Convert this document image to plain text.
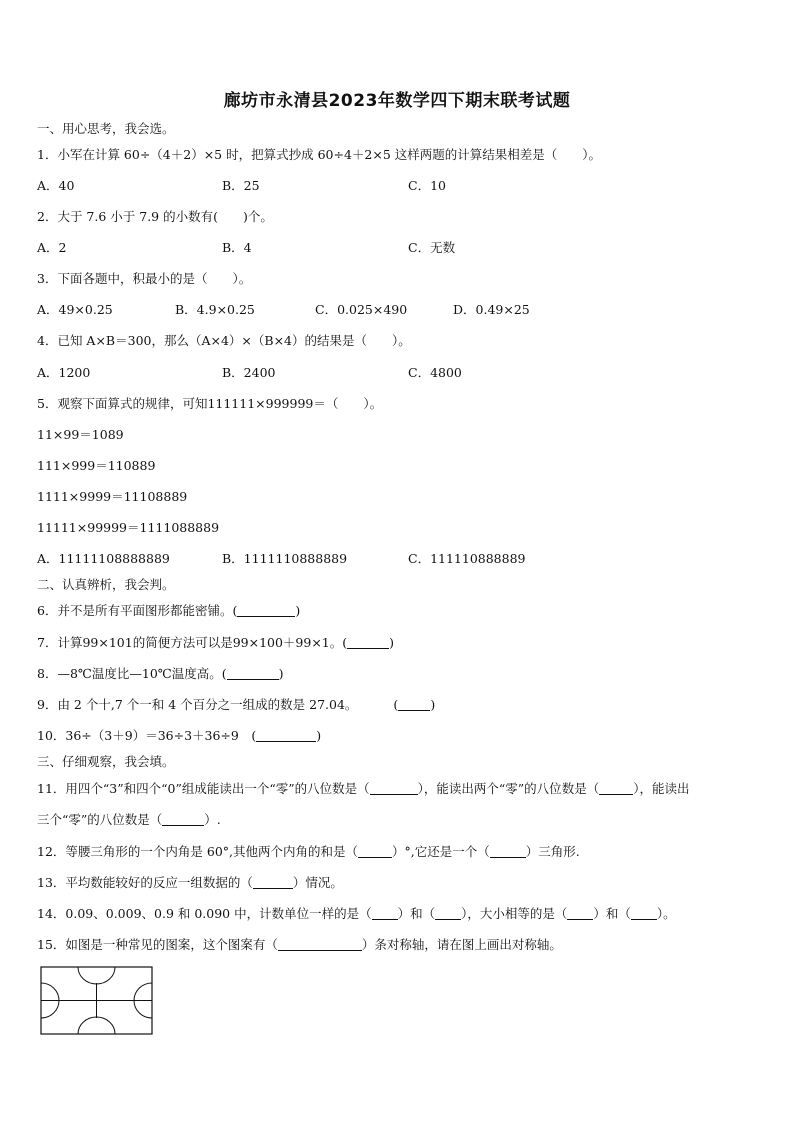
廊坊市永清县2023年数学四下期末联考试题
一、用心思考，我会选。
1．小军在计算 60÷（4＋2）×5 时，把算式抄成 60÷4＋2×5 这样两题的计算结果相差是（　　）。
A．40	B．25	C．10
2．大于 7.6 小于 7.9 的小数有(　　)个。
A．2	B．4	C．无数
3．下面各题中，积最小的是（　　）。
A．49×0.25	B．4.9×0.25	C．0.025×490	D．0.49×25
4．已知 A×B＝300，那么（A×4）×（B×4）的结果是（　　）。
A．1200	B．2400	C．4800
5．观察下面算式的规律，可知111111×999999＝（　　）。
11×99＝1089
111×999＝110889
1111×9999＝11108889
11111×99999＝1111088889
A．11111108888889	B．1111110888889	C．111110888889
二、认真辨析，我会判。
6．并不是所有平面图形都能密铺。(	)
7．计算99×101的简便方法可以是99×100＋99×1。(	)
8．—8℃温度比—10℃温度高。(	)
9．由 2 个十,7 个一和 4 个百分之一组成的数是 27.04。	(	)
10．36÷（3＋9）＝36÷3＋36÷9　(	)
三、仔细观察，我会填。
11．用四个“3”和四个“0”组成能读出一个“零”的八位数是（	），能读出两个“零”的八位数是（	），能读出
三个“零”的八位数是（	）.
12．等腰三角形的一个内角是 60°,其他两个内角的和是（	）°,它还是一个（	）三角形.
13．平均数能较好的反应一组数据的（	）情况。
14．0.09、0.009、0.9 和 0.090 中，计数单位一样的是（ ）和（ ），大小相等的是（ ）和（ ）。
15．如图是一种常见的图案，这个图案有（	）条对称轴，请在图上画出对称轴。
